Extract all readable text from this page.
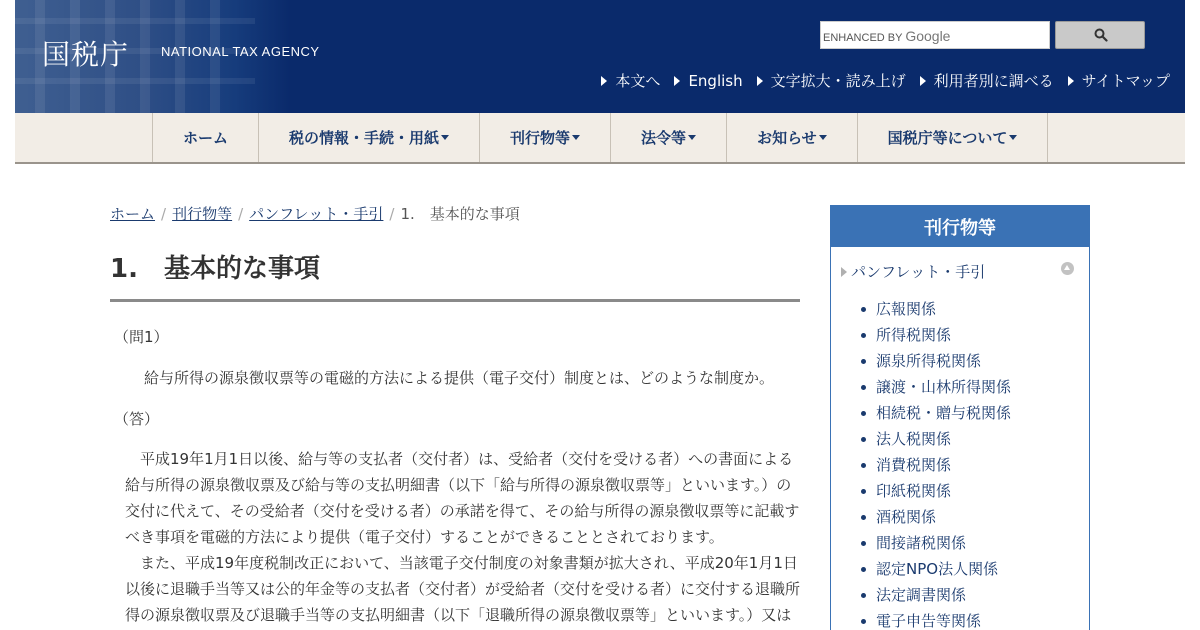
国税庁 NATIONAL TAX AGENCY
ENHANCED BY Google
本文へ English 文字拡大・読み上げ 利用者別に調べる サイトマップ
ホーム	税の情報・手続・用紙	刊行物等	法令等	お知らせ	国税庁等について
ホーム / 刊行物等 / パンフレット・手引 / 1.　基本的な事項
1.　基本的な事項
（問1）
給与所得の源泉徴収票等の電磁的方法による提供（電子交付）制度とは、どのような制度か。
（答）

平成19年1月1日以後、給与等の支払者（交付者）は、受給者（交付を受ける者）への書面による給与所得の源泉徴収票及び給与等の支払明細書（以下「給与所得の源泉徴収票等」といいます。）の交付に代えて、その受給者（交付を受ける者）の承諾を得て、その給与所得の源泉徴収票等に記載すべき事項を電磁的方法により提供（電子交付）することができることとされております。

また、平成19年度税制改正において、当該電子交付制度の対象書類が拡大され、平成20年1月1日以後に退職手当等又は公的年金等の支払者（交付者）が受給者（交付を受ける者）に交付する退職所得の源泉徴収票及び退職手当等の支払明細書（以下「退職所得の源泉徴収票等」といいます。）又は

刊行物等
パンフレット・手引
広報関係
所得税関係
源泉所得税関係
譲渡・山林所得関係
相続税・贈与税関係
法人税関係
消費税関係
印紙税関係
酒税関係
間接諸税関係
認定NPO法人関係
法定調書関係
電子申告等関係
